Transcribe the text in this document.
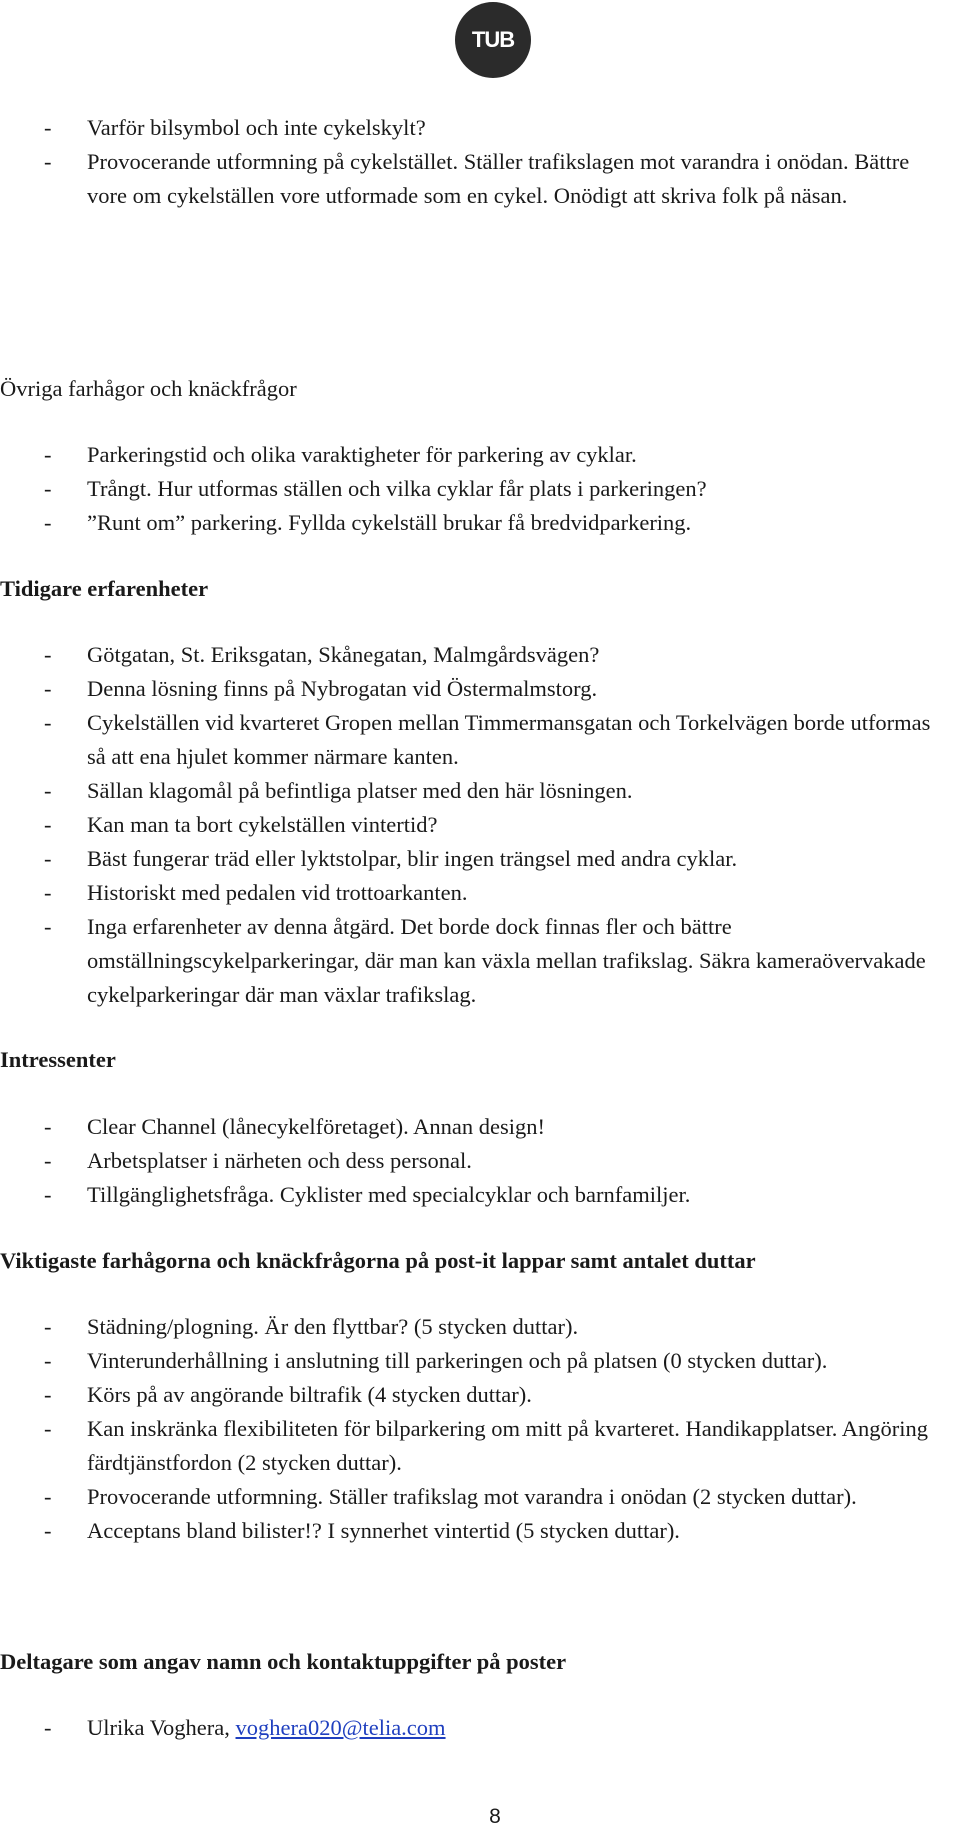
TUB
- Varför bilsymbol och inte cykelskylt?
- Provocerande utformning på cykelstället. Ställer trafikslagen mot varandra i onödan. Bättre vore om cykelställen vore utformade som en cykel. Onödigt att skriva folk på näsan.
Övriga farhågor och knäckfrågor
- Parkeringstid och olika varaktigheter för parkering av cyklar.
- Trångt. Hur utformas ställen och vilka cyklar får plats i parkeringen?
- ”Runt om” parkering. Fyllda cykelställ brukar få bredvidparkering.
Tidigare erfarenheter
- Götgatan, St. Eriksgatan, Skånegatan, Malmgårdsvägen?
- Denna lösning finns på Nybrogatan vid Östermalmstorg.
- Cykelställen vid kvarteret Gropen mellan Timmermansgatan och Torkelvägen borde utformas så att ena hjulet kommer närmare kanten.
- Sällan klagomål på befintliga platser med den här lösningen.
- Kan man ta bort cykelställen vintertid?
- Bäst fungerar träd eller lyktstolpar, blir ingen trängsel med andra cyklar.
- Historiskt med pedalen vid trottoarkanten.
- Inga erfarenheter av denna åtgärd. Det borde dock finnas fler och bättre omställningscykelparkeringar, där man kan växla mellan trafikslag. Säkra kameraövervakade cykelparkeringar där man växlar trafikslag.
Intressenter
- Clear Channel (lånecykelföretaget). Annan design!
- Arbetsplatser i närheten och dess personal.
- Tillgänglighetsfråga. Cyklister med specialcyklar och barnfamiljer.
Viktigaste farhågorna och knäckfrågorna på post-it lappar samt antalet duttar
- Städning/plogning. Är den flyttbar? (5 stycken duttar).
- Vinterunderhållning i anslutning till parkeringen och på platsen (0 stycken duttar).
- Körs på av angörande biltrafik (4 stycken duttar).
- Kan inskränka flexibiliteten för bilparkering om mitt på kvarteret. Handikapplatser. Angöring färdtjänstfordon (2 stycken duttar).
- Provocerande utformning. Ställer trafikslag mot varandra i onödan (2 stycken duttar).
- Acceptans bland bilister!? I synnerhet vintertid (5 stycken duttar).
Deltagare som angav namn och kontaktuppgifter på poster
- Ulrika Voghera, voghera020@telia.com
8
